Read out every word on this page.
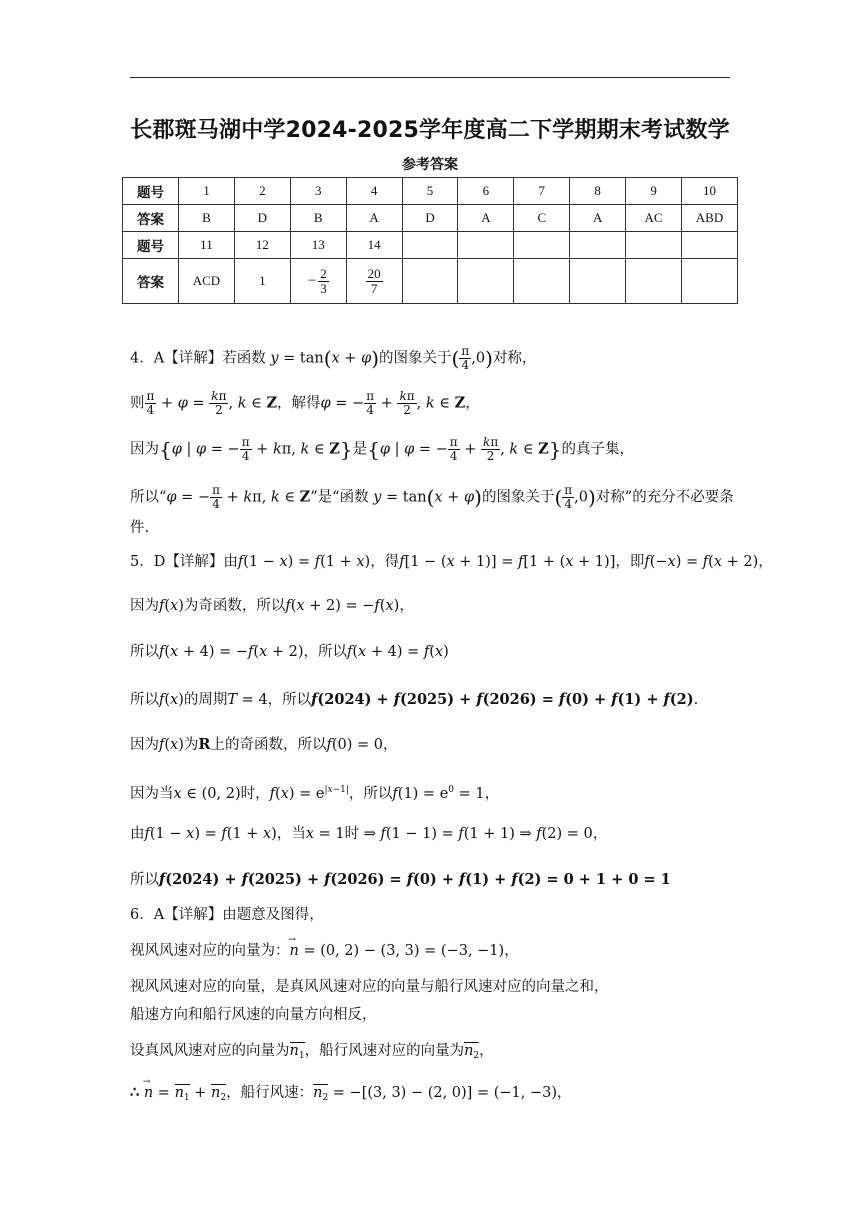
长郡斑马湖中学2024-2025学年度高二下学期期末考试数学
参考答案
题号	1	2	3	4	5	6	7	8	9	10
答案	B	D	B	A	D	A	C	A	AC	ABD
题号	11	12	13	14						
答案	ACD	1	− $\frac{2}{3}$	$\frac{20}{7}$

4．A【详解】若函数 y = tan(x + φ)的图象关于( $\frac{\pi}{4} ,0$)对称，
则 $\frac{\pi}{4} + \varphi = \frac{k\pi}{2}$ , k ∈ Z，解得φ = − $\frac{\pi}{4} + \frac{k\pi}{2}$ , k ∈ Z，
因为{φ | φ = − $\frac{\pi}{4} + k\pi$, k ∈ Z}是{φ | φ = − $\frac{\pi}{4} + \frac{k\pi}{2}$ , k ∈ Z}的真子集，
所以“φ = − $\frac{\pi}{4} + k\pi$, k ∈ Z”是“函数 y = tan(x + φ)的图象关于( $\frac{\pi}{4} ,0$)对称”的充分不必要条
件.
5．D【详解】由f(1 − x) = f(1 + x)，得f[1 − (x + 1)] = f[1 + (x + 1)]，即f(−x) = f(x + 2)，
因为f(x)为奇函数，所以f(x + 2) = −f(x)，
所以f(x + 4) = −f(x + 2)，所以f(x + 4) = f(x)
所以f(x)的周期T = 4，所以f(2024) + f(2025) + f(2026) = f(0) + f(1) + f(2).
因为f(x)为R上的奇函数，所以f(0) = 0，
因为当x ∈ (0, 2)时，$f(x) = e^{|x-1|}$，所以$f(1) = e^0 = 1$，
由f(1 − x) = f(1 + x)，当x = 1时 ⇒ f(1 − 1) = f(1 + 1) ⇒ f(2) = 0，
所以f(2024) + f(2025) + f(2026) = f(0) + f(1) + f(2) = 0 + 1 + 0 = 1
6．A【详解】由题意及图得，
视风风速对应的向量为：→ n = (0, 2) − (3, 3) = (−3, −1)，
视风风速对应的向量，是真风风速对应的向量与船行风速对应的向量之和，
船速方向和船行风速的向量方向相反，
设真风风速对应的向量为$n_1$，船行风速对应的向量为$n_2$，
∴ → $n = n_1 + n_2$，船行风速：$n_2 = -[(3$, 3) − (2, 0)] = (−1, −3)，
